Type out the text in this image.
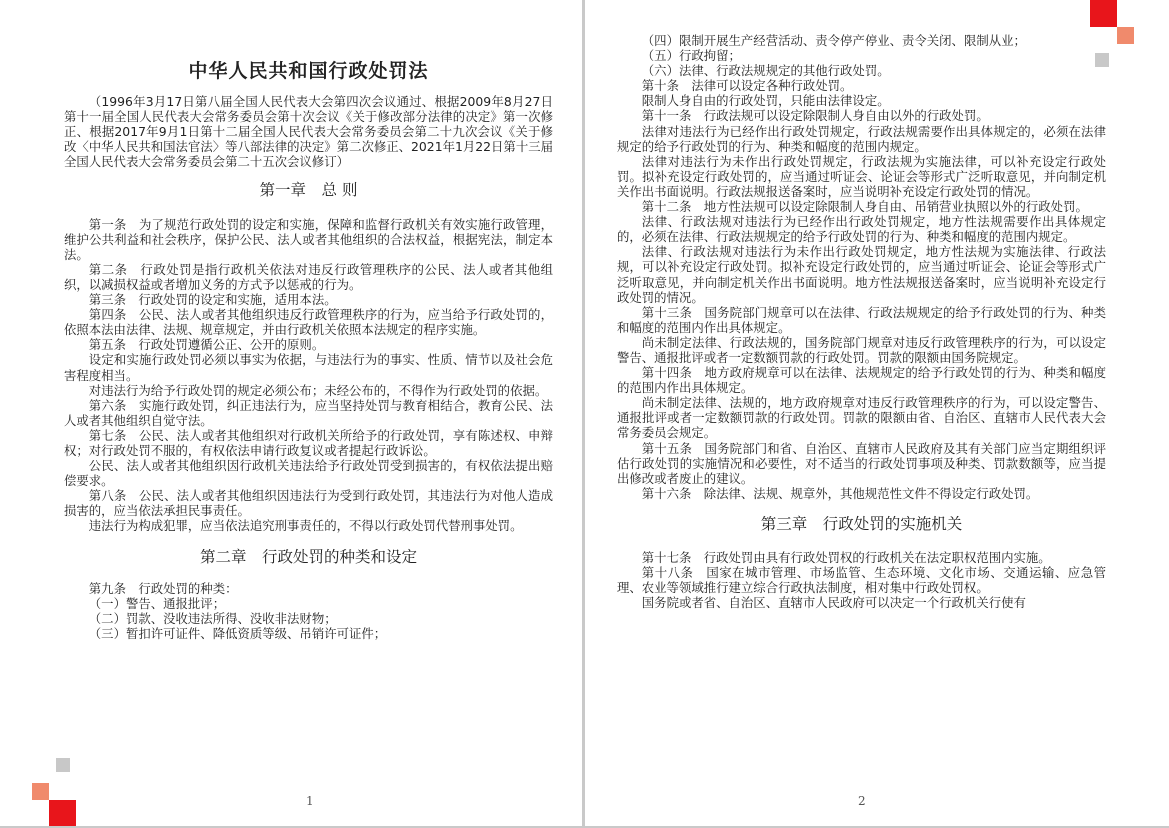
中华人民共和国行政处罚法

（1996年3月17日第八届全国人民代表大会第四次会议通过、根据2009年8月27日第十一届全国人民代表大会常务委员会第十次会议《关于修改部分法律的决定》第一次修正、根据2017年9月1日第十二届全国人民代表大会常务委员会第二十九次会议《关于修改〈中华人民共和国法官法〉等八部法律的决定》第二次修正、2021年1月22日第十三届全国人民代表大会常务委员会第二十五次会议修订）

第一章　总 则

第一条　为了规范行政处罚的设定和实施，保障和监督行政机关有效实施行政管理，维护公共利益和社会秩序，保护公民、法人或者其他组织的合法权益，根据宪法，制定本法。

第二条　行政处罚是指行政机关依法对违反行政管理秩序的公民、法人或者其他组织，以减损权益或者增加义务的方式予以惩戒的行为。

第三条　行政处罚的设定和实施，适用本法。

第四条　公民、法人或者其他组织违反行政管理秩序的行为，应当给予行政处罚的，依照本法由法律、法规、规章规定，并由行政机关依照本法规定的程序实施。

第五条　行政处罚遵循公正、公开的原则。

设定和实施行政处罚必须以事实为依据，与违法行为的事实、性质、情节以及社会危害程度相当。

对违法行为给予行政处罚的规定必须公布；未经公布的，不得作为行政处罚的依据。

第六条　实施行政处罚，纠正违法行为，应当坚持处罚与教育相结合，教育公民、法人或者其他组织自觉守法。

第七条　公民、法人或者其他组织对行政机关所给予的行政处罚，享有陈述权、申辩权；对行政处罚不服的，有权依法申请行政复议或者提起行政诉讼。

公民、法人或者其他组织因行政机关违法给予行政处罚受到损害的，有权依法提出赔偿要求。

第八条　公民、法人或者其他组织因违法行为受到行政处罚，其违法行为对他人造成损害的，应当依法承担民事责任。

违法行为构成犯罪，应当依法追究刑事责任的，不得以行政处罚代替刑事处罚。

第二章　行政处罚的种类和设定

第九条　行政处罚的种类：

（一）警告、通报批评；

（二）罚款、没收违法所得、没收非法财物；

（三）暂扣许可证件、降低资质等级、吊销许可证件；

1

（四）限制开展生产经营活动、责令停产停业、责令关闭、限制从业；

（五）行政拘留；

（六）法律、行政法规规定的其他行政处罚。

第十条　法律可以设定各种行政处罚。

限制人身自由的行政处罚，只能由法律设定。

第十一条　行政法规可以设定除限制人身自由以外的行政处罚。

法律对违法行为已经作出行政处罚规定，行政法规需要作出具体规定的，必须在法律规定的给予行政处罚的行为、种类和幅度的范围内规定。

法律对违法行为未作出行政处罚规定，行政法规为实施法律，可以补充设定行政处罚。拟补充设定行政处罚的，应当通过听证会、论证会等形式广泛听取意见，并向制定机关作出书面说明。行政法规报送备案时，应当说明补充设定行政处罚的情况。

第十二条　地方性法规可以设定除限制人身自由、吊销营业执照以外的行政处罚。

法律、行政法规对违法行为已经作出行政处罚规定，地方性法规需要作出具体规定的，必须在法律、行政法规规定的给予行政处罚的行为、种类和幅度的范围内规定。

法律、行政法规对违法行为未作出行政处罚规定，地方性法规为实施法律、行政法规，可以补充设定行政处罚。拟补充设定行政处罚的，应当通过听证会、论证会等形式广泛听取意见，并向制定机关作出书面说明。地方性法规报送备案时，应当说明补充设定行政处罚的情况。

第十三条　国务院部门规章可以在法律、行政法规规定的给予行政处罚的行为、种类和幅度的范围内作出具体规定。

尚未制定法律、行政法规的，国务院部门规章对违反行政管理秩序的行为，可以设定警告、通报批评或者一定数额罚款的行政处罚。罚款的限额由国务院规定。

第十四条　地方政府规章可以在法律、法规规定的给予行政处罚的行为、种类和幅度的范围内作出具体规定。

尚未制定法律、法规的，地方政府规章对违反行政管理秩序的行为，可以设定警告、通报批评或者一定数额罚款的行政处罚。罚款的限额由省、自治区、直辖市人民代表大会常务委员会规定。

第十五条　国务院部门和省、自治区、直辖市人民政府及其有关部门应当定期组织评估行政处罚的实施情况和必要性，对不适当的行政处罚事项及种类、罚款数额等，应当提出修改或者废止的建议。

第十六条　除法律、法规、规章外，其他规范性文件不得设定行政处罚。

第三章　行政处罚的实施机关

第十七条　行政处罚由具有行政处罚权的行政机关在法定职权范围内实施。

第十八条　国家在城市管理、市场监管、生态环境、文化市场、交通运输、应急管理、农业等领域推行建立综合行政执法制度，相对集中行政处罚权。

国务院或者省、自治区、直辖市人民政府可以决定一个行政机关行使有

2
